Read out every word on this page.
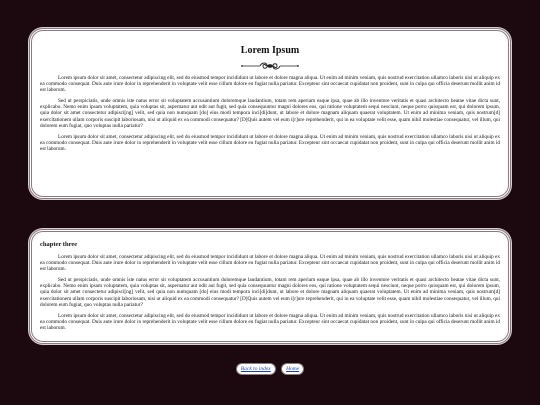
Lorem Ipsum

Lorem ipsum dolor sit amet, consectetur adipiscing elit, sed do eiusmod tempor incididunt ut labore et dolore magna aliqua. Ut enim ad minim veniam, quis nostrud exercitation ullamco laboris nisi ut aliquip ex ea commodo consequat. Duis aute irure dolor in reprehenderit in voluptate velit esse cillum dolore eu fugiat nulla pariatur. Excepteur sint occaecat cupidatat non proident, sunt in culpa qui officia deserunt mollit anim id est laborum.

Sed ut perspiciatis, unde omnis iste natus error sit voluptatem accusantium doloremque laudantium, totam rem aperiam eaque ipsa, quae ab illo inventore veritatis et quasi architecto beatae vitae dicta sunt, explicabo. Nemo enim ipsam voluptatem, quia voluptas sit, aspernatur aut odit aut fugit, sed quia consequuntur magni dolores eos, qui ratione voluptatem sequi nesciunt, neque porro quisquam est, qui dolorem ipsum, quia dolor sit amet consectetur adipisci[ng] velit, sed quia non numquam [do] eius modi tempora inci[di]dunt, ut labore et dolore magnam aliquam quaerat voluptatem. Ut enim ad minima veniam, quis nostrum[d] exercitationem ullam corporis suscipit laboriosam, nisi ut aliquid ex ea commodi consequatur? [D]Quis autem vel eum i[r]ure reprehenderit, qui in ea voluptate velit esse, quam nihil molestiae consequatur, vel illum, qui dolorem eum fugiat, quo voluptas nulla pariatur?

Lorem ipsum dolor sit amet, consectetur adipiscing elit, sed do eiusmod tempor incididunt ut labore et dolore magna aliqua. Ut enim ad minim veniam, quis nostrud exercitation ullamco laboris nisi ut aliquip ex ea commodo consequat. Duis aute irure dolor in reprehenderit in voluptate velit esse cillum dolore eu fugiat nulla pariatur. Excepteur sint occaecat cupidatat non proident, sunt in culpa qui officia deserunt mollit anim id est laborum.

chapter three

Lorem ipsum dolor sit amet, consectetur adipiscing elit, sed do eiusmod tempor incididunt ut labore et dolore magna aliqua. Ut enim ad minim veniam, quis nostrud exercitation ullamco laboris nisi ut aliquip ex ea commodo consequat. Duis aute irure dolor in reprehenderit in voluptate velit esse cillum dolore eu fugiat nulla pariatur. Excepteur sint occaecat cupidatat non proident, sunt in culpa qui officia deserunt mollit anim id est laborum.

Sed ut perspiciatis, unde omnis iste natus error sit voluptatem accusantium doloremque laudantium, totam rem aperiam eaque ipsa, quae ab illo inventore veritatis et quasi architecto beatae vitae dicta sunt, explicabo. Nemo enim ipsam voluptatem, quia voluptas sit, aspernatur aut odit aut fugit, sed quia consequuntur magni dolores eos, qui ratione voluptatem sequi nesciunt, neque porro quisquam est, qui dolorem ipsum, quia dolor sit amet consectetur adipisci[ng] velit, sed quia non numquam [do] eius modi tempora inci[di]dunt, ut labore et dolore magnam aliquam quaerat voluptatem. Ut enim ad minima veniam, quis nostrum[d] exercitationem ullam corporis suscipit laboriosam, nisi ut aliquid ex ea commodi consequatur? [D]Quis autem vel eum i[r]ure reprehenderit, qui in ea voluptate velit esse, quam nihil molestiae consequatur, vel illum, qui dolorem eum fugiat, quo voluptas nulla pariatur?

Lorem ipsum dolor sit amet, consectetur adipiscing elit, sed do eiusmod tempor incididunt ut labore et dolore magna aliqua. Ut enim ad minim veniam, quis nostrud exercitation ullamco laboris nisi ut aliquip ex ea commodo consequat. Duis aute irure dolor in reprehenderit in voluptate velit esse cillum dolore eu fugiat nulla pariatur. Excepteur sint occaecat cupidatat non proident, sunt in culpa qui officia deserunt mollit anim id est laborum.

Back to index	Home
